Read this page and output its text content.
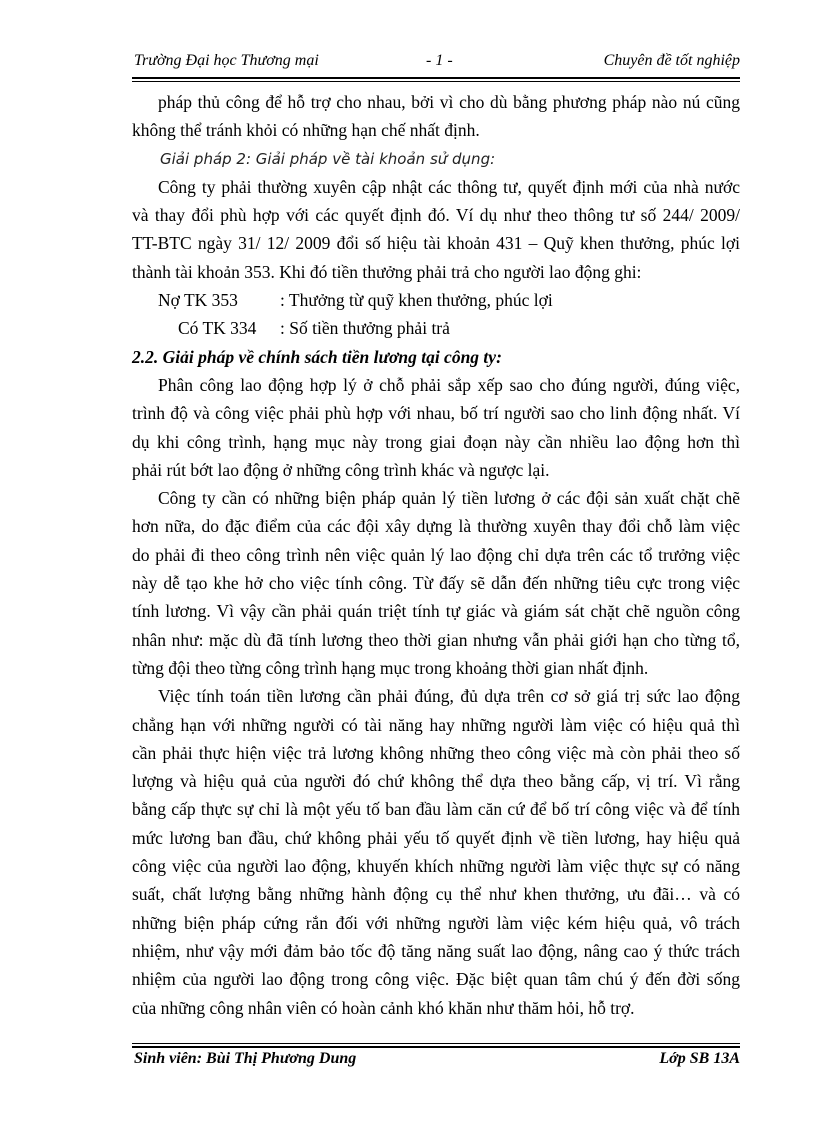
Trường Đại học Thương mại	- 1 -	Chuyên đề tốt nghiệp
pháp thủ công để hỗ trợ cho nhau, bởi vì cho dù bằng phương pháp nào nú cũng
không thể tránh khỏi có những hạn chế nhất định.
Giải pháp 2: Giải pháp về tài khoản sử dụng:
Công ty phải thường xuyên cập nhật các thông tư, quyết định mới của nhà nước
và thay đổi phù hợp với các quyết định đó. Ví dụ như theo thông tư số 244/ 2009/
TT-BTC ngày 31/ 12/ 2009 đổi số hiệu tài khoản 431 – Quỹ khen thưởng, phúc lợi
thành tài khoản 353. Khi đó tiền thưởng phải trả cho người lao động ghi:
Nợ TK 353	: Thưởng từ quỹ khen thưởng, phúc lợi
Có TK 334	: Số tiền thưởng phải trả
2.2. Giải pháp về chính sách tiền lương tại công ty:
Phân công lao động hợp lý ở chỗ phải sắp xếp sao cho đúng người, đúng việc,
trình độ và công việc phải phù hợp với nhau, bố trí người sao cho linh động nhất. Ví
dụ khi công trình, hạng mục này trong giai đoạn này cần nhiều lao động hơn thì
phải rút bớt lao động ở những công trình khác và ngược lại.
Công ty cần có những biện pháp quản lý tiền lương ở các đội sản xuất chặt chẽ
hơn nữa, do đặc điểm của các đội xây dựng là thường xuyên thay đổi chỗ làm việc
do phải đi theo công trình nên việc quản lý lao động chỉ dựa trên các tổ trưởng việc
này dễ tạo khe hở cho việc tính công. Từ đấy sẽ dẫn đến những tiêu cực trong việc
tính lương. Vì vậy cần phải quán triệt tính tự giác và giám sát chặt chẽ nguồn công
nhân như: mặc dù đã tính lương theo thời gian nhưng vẫn phải giới hạn cho từng tổ,
từng đội theo từng công trình hạng mục trong khoảng thời gian nhất định.
Việc tính toán tiền lương cần phải đúng, đủ dựa trên cơ sở giá trị sức lao động
chẳng hạn với những người có tài năng hay những người làm việc có hiệu quả thì
cần phải thực hiện việc trả lương không những theo công việc mà còn phải theo số
lượng và hiệu quả của người đó chứ không thể dựa theo bằng cấp, vị trí. Vì rằng
bằng cấp thực sự chỉ là một yếu tố ban đầu làm căn cứ để bố trí công việc và để tính
mức lương ban đầu, chứ không phải yếu tố quyết định về tiền lương, hay hiệu quả
công việc của người lao động, khuyến khích những người làm việc thực sự có năng
suất, chất lượng bằng những hành động cụ thể như khen thưởng, ưu đãi… và có
những biện pháp cứng rắn đối với những người làm việc kém hiệu quả, vô trách
nhiệm, như vậy mới đảm bảo tốc độ tăng năng suất lao động, nâng cao ý thức trách
nhiệm của người lao động trong công việc. Đặc biệt quan tâm chú ý đến đời sống
của những công nhân viên có hoàn cảnh khó khăn như thăm hỏi, hỗ trợ.
Sinh viên: Bùi Thị Phương Dung	Lớp SB 13A
